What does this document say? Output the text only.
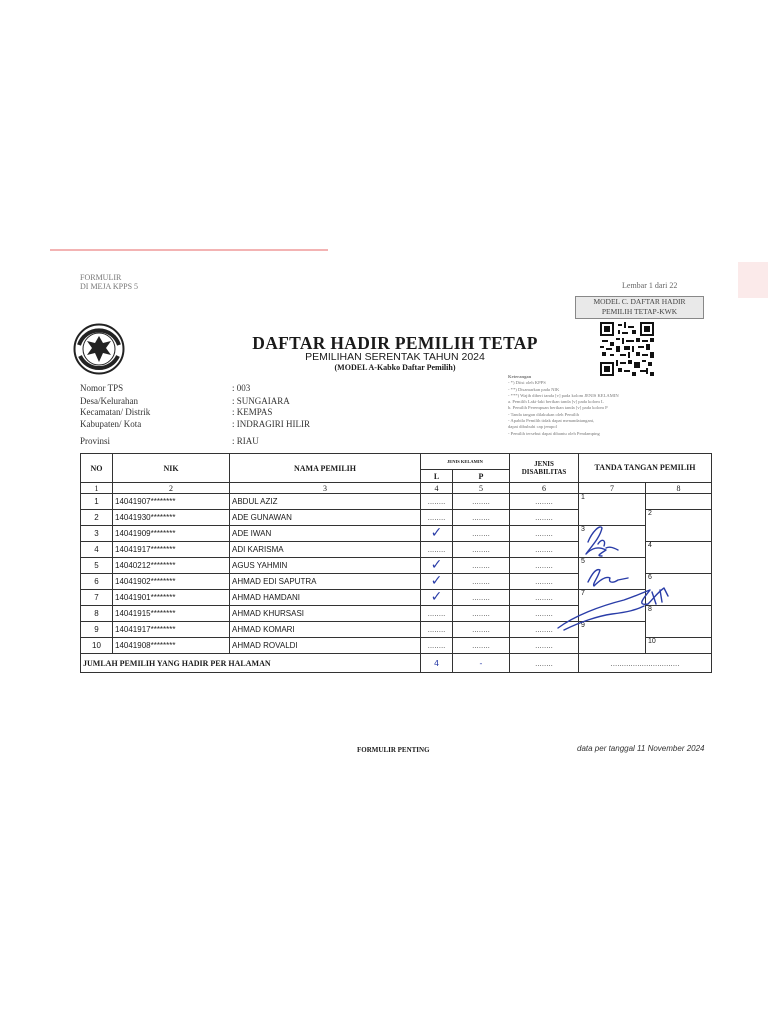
FORMULIR
DI MEJA KPPS 5	Lembar 1 dari 22
MODEL C. DAFTAR HADIR
PEMILIH TETAP-KWK
DAFTAR HADIR PEMILIH TETAP
PEMILIHAN SERENTAK TAHUN 2024
(MODEL A-Kabko Daftar Pemilih)
Nomor TPS	: 003
Desa/Kelurahan	: SUNGAIARA
Kecamatan/ Distrik	: KEMPAS
Kabupaten/ Kota	: INDRAGIRI HILIR
Provinsi	: RIAU
Keterangan
- *) Diisi oleh KPPS
- **) Disamarkan pada NIK
- ***) Wajib diberi tanda [v] pada kolom JENIS KELAMIN
a. Pemilih Laki-laki berikan tanda [v] pada kolom L
b. Pemilih Perempuan berikan tanda [v] pada kolom P
- Tanda tangan dilakukan oleh Pemilih
- Apabila Pemilih tidak dapat menandatangani,
dapat dibubuhi cap jempol
- Pemilih tersebut dapat dibantu oleh Pendamping
NO	NIK	NAMA PEMILIH	JENIS KELAMIN		JENIS DISABILITAS	TANDA TANGAN PEMILIH	
			L	P			
1	2	3	4	5	6	7	8
1	14041907********	ABDUL AZIZ	........	........	........	1	
2	14041930********	ADE GUNAWAN	........	........	........		2
3	14041909********	ADE IWAN	✓	........	........	3	
4	14041917********	ADI KARISMA	........	........	........		4
5	14040212********	AGUS YAHMIN	✓	........	........	5	
6	14041902********	AHMAD EDI SAPUTRA	✓	........	........		6
7	14041901********	AHMAD HAMDANI	✓	........	........	7	
8	14041915********	AHMAD KHURSASI	........	........	........		8
9	14041917********	AHMAD KOMARI	........	........	........	9	
10	14041908********	AHMAD ROVALDI	........	........	........		10
JUMLAH PEMILIH YANG HADIR PER HALAMAN			4	-	........	...............................	
FORMULIR PENTING	data per tanggal 11 November 2024
